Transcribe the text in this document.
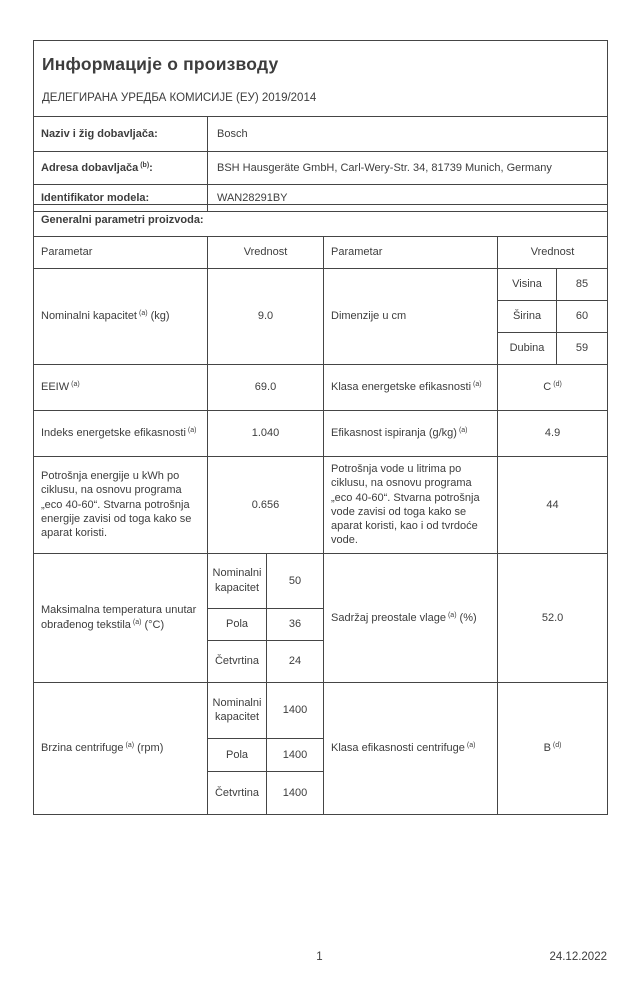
Информације о производу
ДЕЛЕГИРАНА УРЕДБА КОМИСИЈЕ (ЕУ) 2019/2014	

Naziv i žig dobavljača:	Bosch
Adresa dobavljača $^{(b)}$:	BSH Hausgeräte GmbH, Carl-Wery-Str. 34, 81739 Munich, Germany
Identifikator modela:	WAN28291BY
Generalni parametri proizvoda:					
Parametar	Vrednost		Parametar	Vrednost	
Nominalni kapacitet $^{(a)}$ (kg)	9.0		Dimenzije u cm	Visina	85
				Širina	60
				Dubina	59
EEIW $^{(a)}$	69.0		Klasa energetske efikasnosti $^{(a)}$	C $^{(d)}$
Indeks energetske efikasnosti $^{(a)}$	1.040		Efikasnost ispiranja (g/kg) $^{(a)}$	4.9	
Potrošnja energije u kWh po ciklusu, na osnovu programa „eco 40-60“. Stvarna potrošnja energije zavisi od toga kako se aparat koristi.	0.656		Potrošnja vode u litrima po ciklusu, na osnovu programa „eco 40-60“. Stvarna potrošnja vode zavisi od toga kako se aparat koristi, kao i od tvrdoće vode.	44	
Maksimalna temperatura unutar obrađenog tekstila $^{(a)}$ (°C)	Nominalni kapacitet	50	Sadržaj preostale vlage $^{(a)}$ (%)	52.0	
	Pola	36			
	Četvrtina	24			
Brzina centrifuge $^{(a)}$ (rpm)	Nominalni kapacitet	1400	Klasa efikasnosti centrifuge $^{(a)}$	B $^{(d)}$
	Pola	1400			
	Četvrtina	1400			
1	24.12.2022
